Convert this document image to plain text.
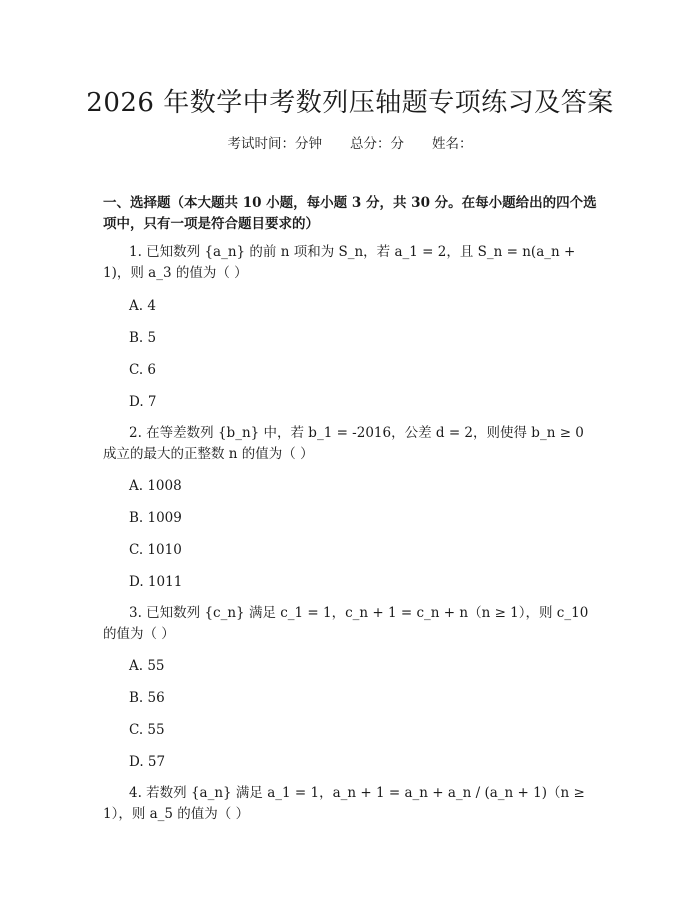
2026 年数学中考数列压轴题专项练习及答案
考试时间：分钟 总分：分 姓名：
一、选择题（本大题共 10 小题，每小题 3 分，共 30 分。在每小题给出的四个选
项中，只有一项是符合题目要求的）
1. 已知数列 {a_n} 的前 n 项和为 S_n，若 a_1 = 2，且 S_n = n(a_n +
1)，则 a_3 的值为（ ）
A. 4
B. 5
C. 6
D. 7
2. 在等差数列 {b_n} 中，若 b_1 = -2016，公差 d = 2，则使得 b_n ≥ 0
成立的最大的正整数 n 的值为（ ）
A. 1008
B. 1009
C. 1010
D. 1011
3. 已知数列 {c_n} 满足 c_1 = 1，c_n + 1 = c_n + n（n ≥ 1），则 c_10
的值为（ ）
A. 55
B. 56
C. 55
D. 57
4. 若数列 {a_n} 满足 a_1 = 1，a_n + 1 = a_n + a_n / (a_n + 1)（n ≥
1），则 a_5 的值为（ ）
